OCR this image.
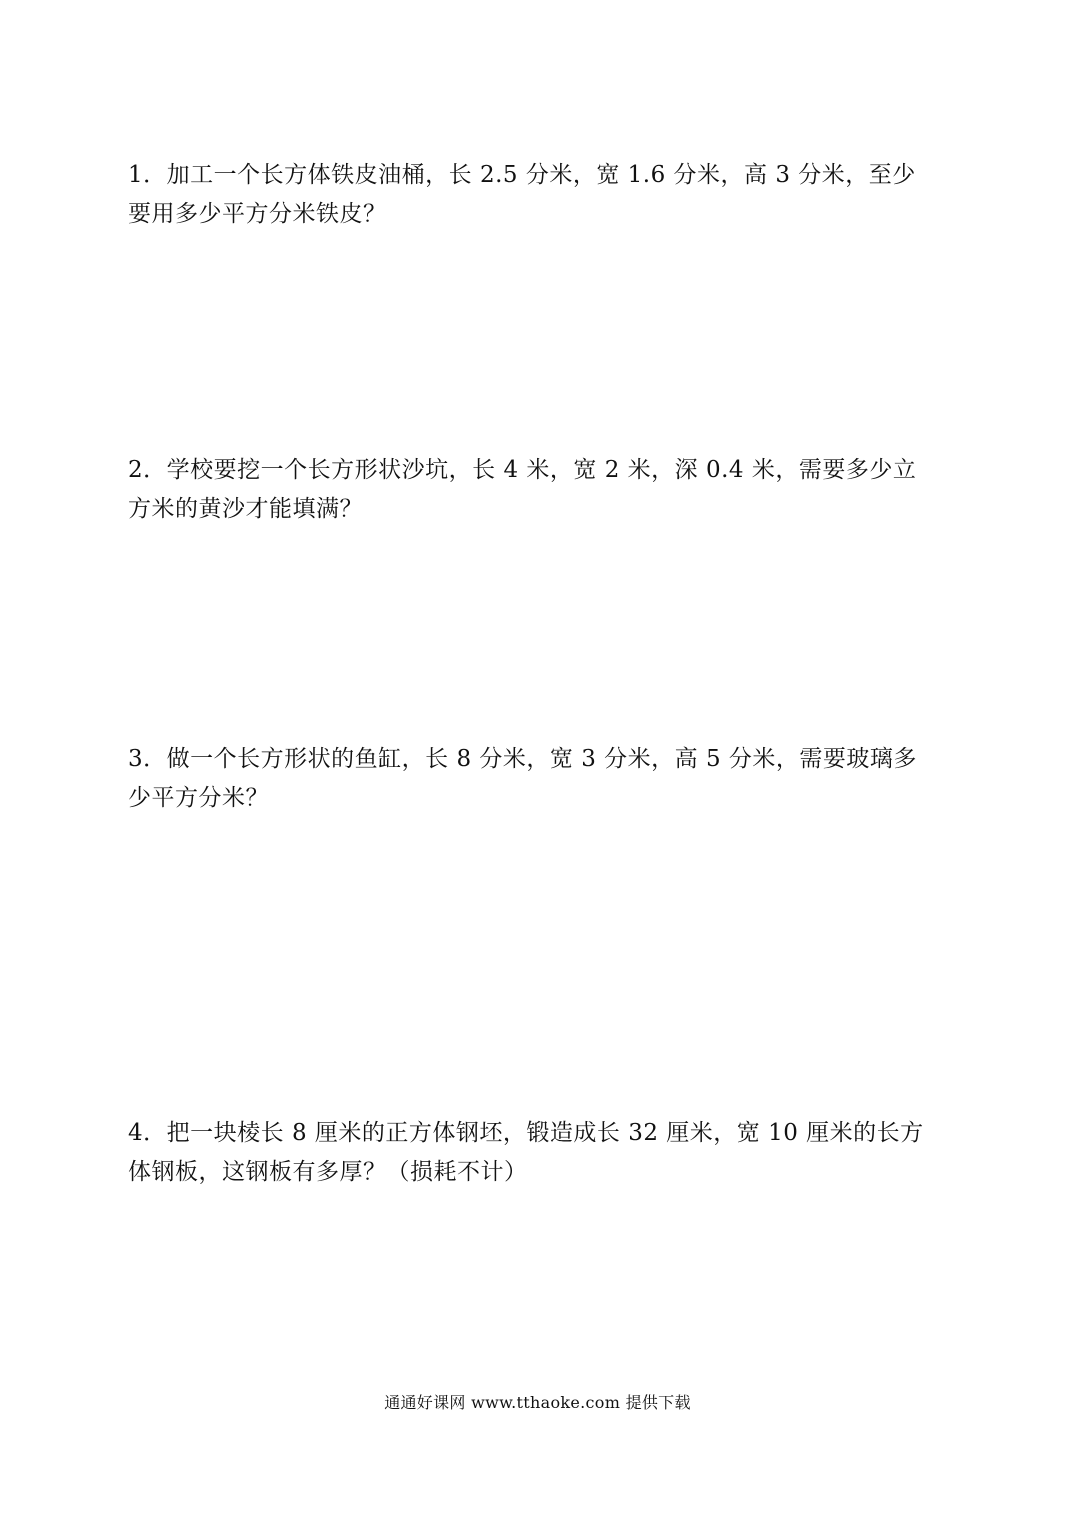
1．加工一个长方体铁皮油桶，长 2.5 分米，宽 1.6 分米，高 3 分米，至少

要用多少平方分米铁皮？

2．学校要挖一个长方形状沙坑，长 4 米，宽 2 米，深 0.4 米，需要多少立

方米的黄沙才能填满？

3．做一个长方形状的鱼缸，长 8 分米，宽 3 分米，高 5 分米，需要玻璃多

少平方分米？

4．把一块棱长 8 厘米的正方体钢坯，锻造成长 32 厘米，宽 10 厘米的长方

体钢板，这钢板有多厚？（损耗不计）

通通好课网 www.tthaoke.com 提供下载
